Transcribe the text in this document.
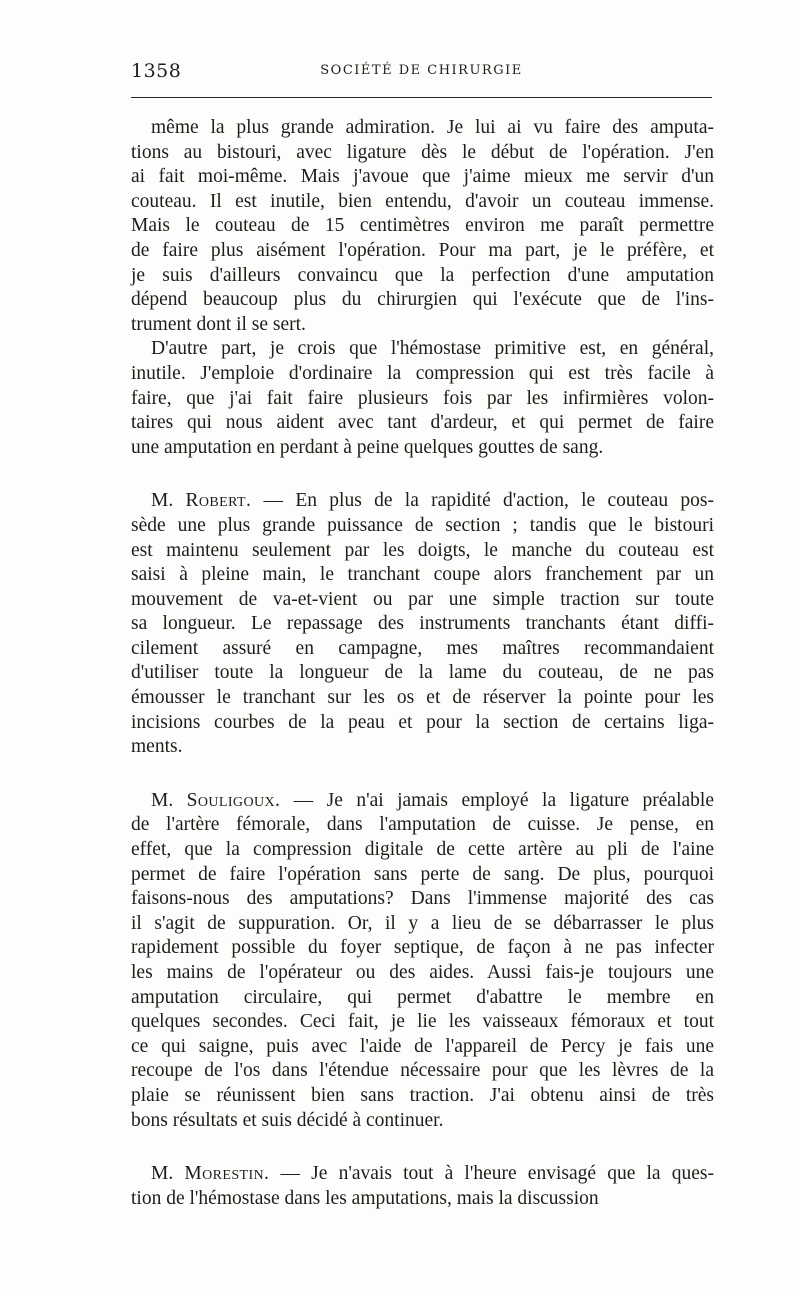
1358	SOCIÉTÉ DE CHIRURGIE

même la plus grande admiration. Je lui ai vu faire des amputa-
tions au bistouri, avec ligature dès le début de l'opération. J'en
ai fait moi-même. Mais j'avoue que j'aime mieux me servir d'un
couteau. Il est inutile, bien entendu, d'avoir un couteau immense.
Mais le couteau de 15 centimètres environ me paraît permettre
de faire plus aisément l'opération. Pour ma part, je le préfère, et
je suis d'ailleurs convaincu que la perfection d'une amputation
dépend beaucoup plus du chirurgien qui l'exécute que de l'ins-
trument dont il se sert.

D'autre part, je crois que l'hémostase primitive est, en général,
inutile. J'emploie d'ordinaire la compression qui est très facile à
faire, que j'ai fait faire plusieurs fois par les infirmières volon-
taires qui nous aident avec tant d'ardeur, et qui permet de faire
une amputation en perdant à peine quelques gouttes de sang.

M. Robert. — En plus de la rapidité d'action, le couteau pos-
sède une plus grande puissance de section ; tandis que le bistouri
est maintenu seulement par les doigts, le manche du couteau est
saisi à pleine main, le tranchant coupe alors franchement par un
mouvement de va-et-vient ou par une simple traction sur toute
sa longueur. Le repassage des instruments tranchants étant diffi-
cilement assuré en campagne, mes maîtres recommandaient
d'utiliser toute la longueur de la lame du couteau, de ne pas
émousser le tranchant sur les os et de réserver la pointe pour les
incisions courbes de la peau et pour la section de certains liga-
ments.

M. Souligoux. — Je n'ai jamais employé la ligature préalable
de l'artère fémorale, dans l'amputation de cuisse. Je pense, en
effet, que la compression digitale de cette artère au pli de l'aine
permet de faire l'opération sans perte de sang. De plus, pourquoi
faisons-nous des amputations? Dans l'immense majorité des cas
il s'agit de suppuration. Or, il y a lieu de se débarrasser le plus
rapidement possible du foyer septique, de façon à ne pas infecter
les mains de l'opérateur ou des aides. Aussi fais-je toujours une
amputation circulaire, qui permet d'abattre le membre en
quelques secondes. Ceci fait, je lie les vaisseaux fémoraux et tout
ce qui saigne, puis avec l'aide de l'appareil de Percy je fais une
recoupe de l'os dans l'étendue nécessaire pour que les lèvres de la
plaie se réunissent bien sans traction. J'ai obtenu ainsi de très
bons résultats et suis décidé à continuer.

M. Morestin. — Je n'avais tout à l'heure envisagé que la ques-
tion de l'hémostase dans les amputations, mais la discussion
